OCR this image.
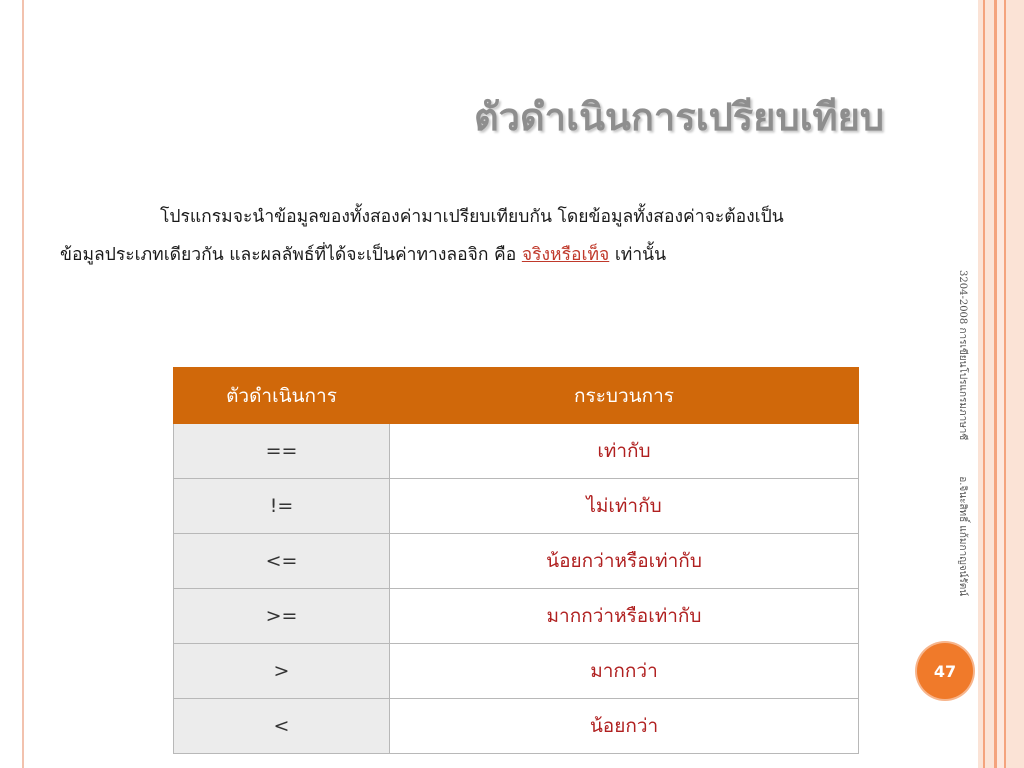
ตัวดำเนินการเปรียบเทียบ

โปรแกรมจะนำข้อมูลของทั้งสองค่ามาเปรียบเทียบกัน โดยข้อมูลทั้งสองค่าจะต้องเป็น
ข้อมูลประเภทเดียวกัน และผลลัพธ์ที่ได้จะเป็นค่าทางลอจิก คือ จริงหรือเท็จ เท่านั้น

ตัวดำเนินการ	กระบวนการ
==	เท่ากับ
!=	ไม่เท่ากับ
<=	น้อยกว่าหรือเท่ากับ
>=	มากกว่าหรือเท่ากับ
>	มากกว่า
<	น้อยกว่า
3204-2008 การเขียนโปรแกรมภาษาซีอ.จินะสิทธิ์ แก้มกาญจน์รัตน์
47
